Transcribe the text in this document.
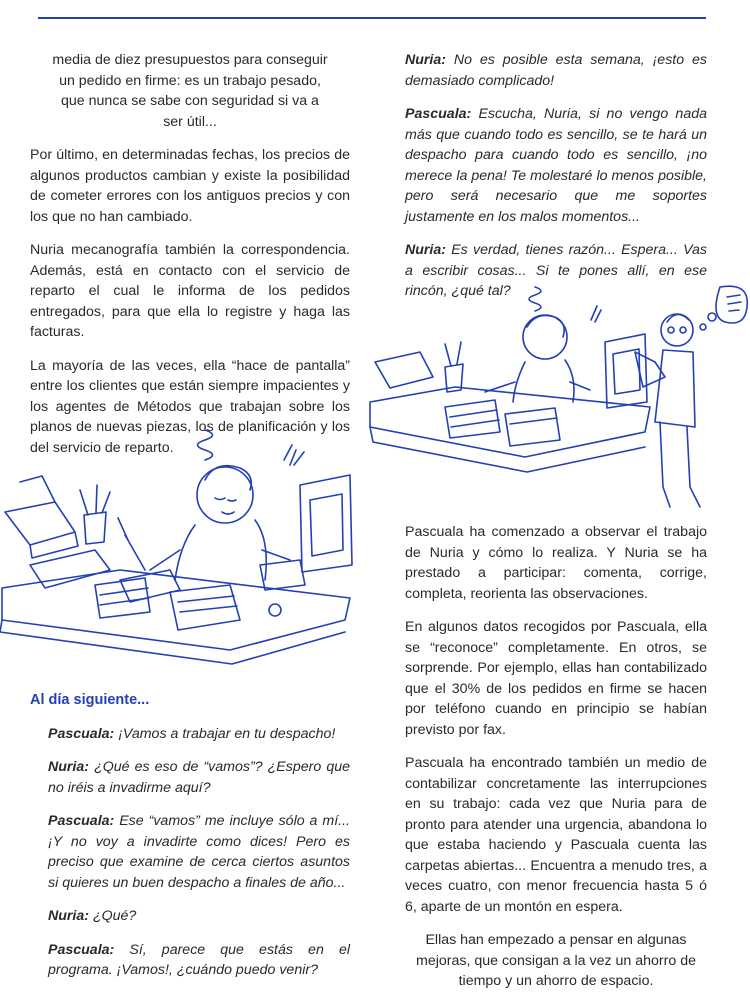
media de diez presupuestos para conseguir un pedido en firme: es un trabajo pesado, que nunca se sabe con seguridad si va a ser útil...

Por último, en determinadas fechas, los precios de algunos productos cambian y existe la posibilidad de cometer errores con los antiguos precios y con los que no han cambiado.

Nuria mecanografía también la correspondencia. Además, está en contacto con el servicio de reparto el cual le informa de los pedidos entregados, para que ella lo registre y haga las facturas.

La mayoría de las veces, ella “hace de pantalla” entre los clientes que están siempre impacientes y los agentes de Métodos que trabajan sobre los planos de nuevas piezas, los de planificación y los del servicio de reparto.

Al día siguiente...

Pascuala: ¡Vamos a trabajar en tu despacho!

Nuria: ¿Qué es eso de “vamos”? ¿Espero que no iréis a invadirme aquí?

Pascuala: Ese “vamos” me incluye sólo a mí... ¡Y no voy a invadirte como dices! Pero es preciso que examine de cerca ciertos asuntos si quieres un buen despacho a finales de año...

Nuria: ¿Qué?

Pascuala: Sí, parece que estás en el programa. ¡Vamos!, ¿cuándo puedo venir?

Nuria: No es posible esta semana, ¡esto es demasiado complicado!

Pascuala: Escucha, Nuria, si no vengo nada más que cuando todo es sencillo, se te hará un despacho para cuando todo es sencillo, ¡no merece la pena! Te molestaré lo menos posible, pero será necesario que me soportes justamente en los malos momentos...

Nuria: Es verdad, tienes razón... Espera... Vas a escribir cosas... Si te pones allí, en ese rincón, ¿qué tal?

Pascuala ha comenzado a observar el trabajo de Nuria y cómo lo realiza. Y Nuria se ha prestado a participar: comenta, corrige, completa, reorienta las observaciones.

En algunos datos recogidos por Pascuala, ella se “reconoce” completamente. En otros, se sorprende. Por ejemplo, ellas han contabilizado que el 30% de los pedidos en firme se hacen por teléfono cuando en principio se habían previsto por fax.

Pascuala ha encontrado también un medio de contabilizar concretamente las interrupciones en su trabajo: cada vez que Nuria para de pronto para atender una urgencia, abandona lo que estaba haciendo y Pascuala cuenta las carpetas abiertas... Encuentra a menudo tres, a veces cuatro, con menor frecuencia hasta 5 ó 6, aparte de un montón en espera.

Ellas han empezado a pensar en algunas mejoras, que consigan a la vez un ahorro de tiempo y un ahorro de espacio.
